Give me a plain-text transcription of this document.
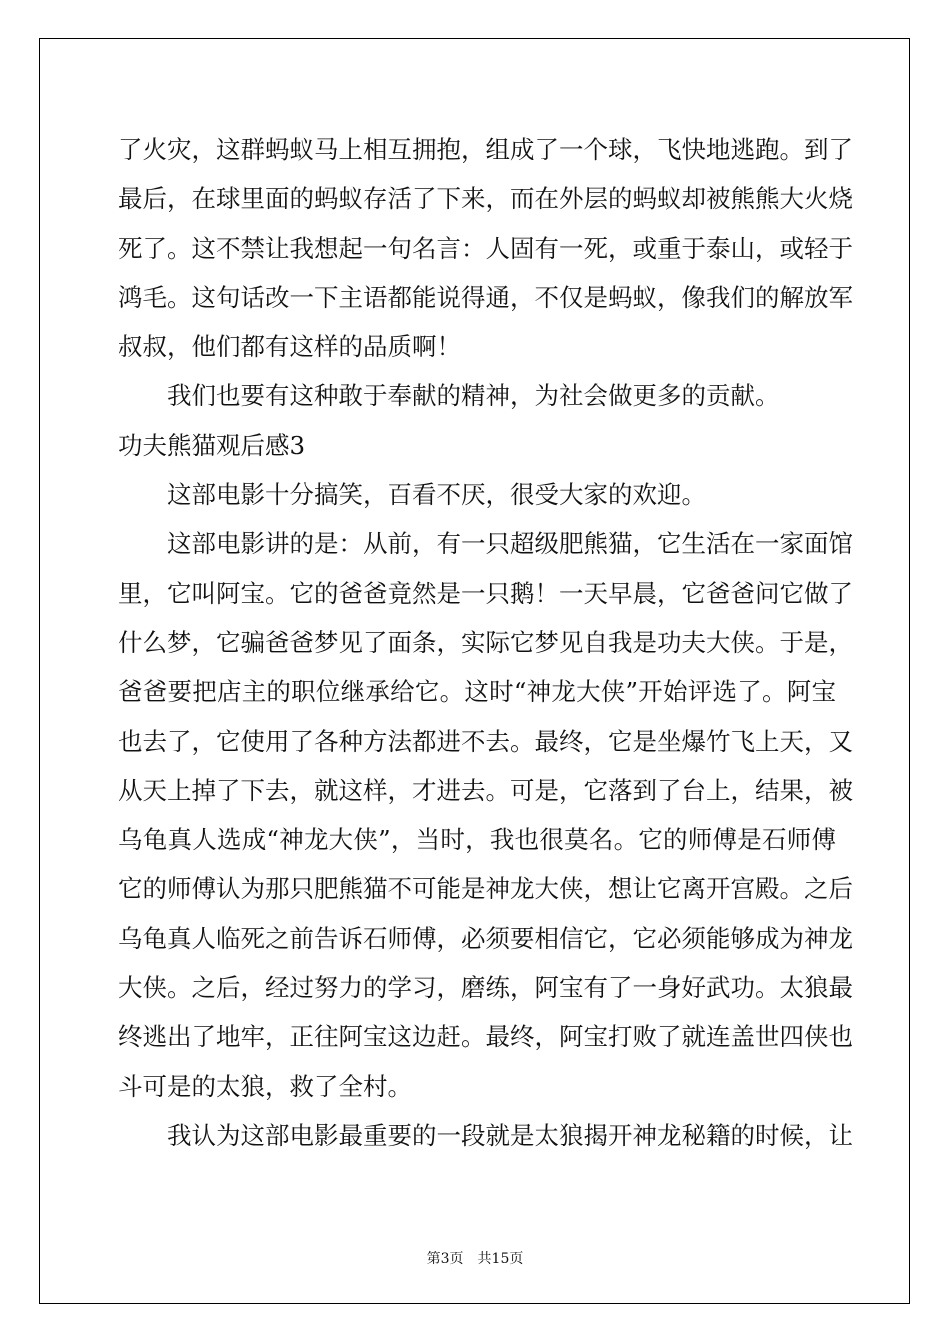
了火灾，这群蚂蚁马上相互拥抱，组成了一个球，飞快地逃跑。到了
最后，在球里面的蚂蚁存活了下来，而在外层的蚂蚁却被熊熊大火烧
死了。这不禁让我想起一句名言：人固有一死，或重于泰山，或轻于
鸿毛。这句话改一下主语都能说得通，不仅是蚂蚁，像我们的解放军
叔叔，他们都有这样的品质啊！
我们也要有这种敢于奉献的精神，为社会做更多的贡献。
功夫熊猫观后感3
这部电影十分搞笑，百看不厌，很受大家的欢迎。
这部电影讲的是：从前，有一只超级肥熊猫，它生活在一家面馆
里，它叫阿宝。它的爸爸竟然是一只鹅！一天早晨，它爸爸问它做了
什么梦，它骗爸爸梦见了面条，实际它梦见自我是功夫大侠。于是，
爸爸要把店主的职位继承给它。这时“神龙大侠”开始评选了。阿宝
也去了，它使用了各种方法都进不去。最终，它是坐爆竹飞上天，又
从天上掉了下去，就这样，才进去。可是，它落到了台上，结果，被
乌龟真人选成“神龙大侠”，当时，我也很莫名。它的师傅是石师傅
它的师傅认为那只肥熊猫不可能是神龙大侠，想让它离开宫殿。之后
乌龟真人临死之前告诉石师傅，必须要相信它，它必须能够成为神龙
大侠。之后，经过努力的学习，磨练，阿宝有了一身好武功。太狼最
终逃出了地牢，正往阿宝这边赶。最终，阿宝打败了就连盖世四侠也
斗可是的太狼，救了全村。
我认为这部电影最重要的一段就是太狼揭开神龙秘籍的时候，让
第3页 共15页
